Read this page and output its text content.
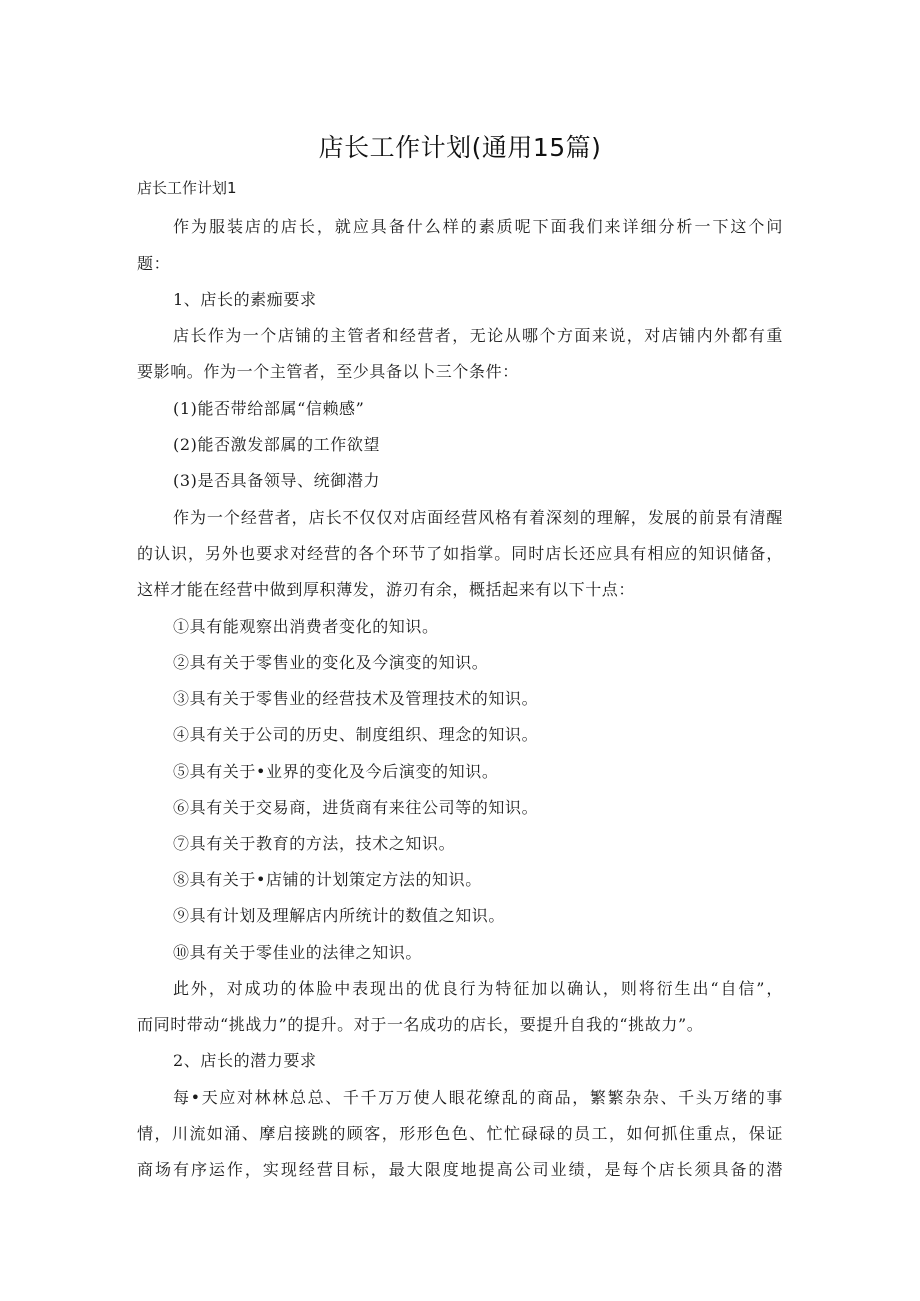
店长工作计划(通用15篇)
店长工作计划1
作为服装店的店长，就应具备什么样的素质呢下面我们来详细分析一下这个问
题：
1、店长的素痂要求
店长作为一个店铺的主管者和经营者，无论从哪个方面来说，对店铺内外都有重
要影响。作为一个主管者，至少具备以卜三个条件：
(1)能否带给部属“信赖感”
(2)能否激发部属的工作欲望
(3)是否具备领导、统御潜力
作为一个经营者，店长不仅仅对店面经营风格有着深刻的理解，发展的前景有清醒
的认识，另外也要求对经营的各个环节了如指掌。同时店长还应具有相应的知识储备，
这样才能在经营中做到厚积薄发，游刃有余，概括起来有以下十点：
①具有能观察出消费者变化的知识。
②具有关于零售业的变化及今演变的知识。
③具有关于零售业的经营技术及管理技术的知识。
④具有关于公司的历史、制度组织、理念的知识。
⑤具有关于•业界的变化及今后演变的知识。
⑥具有关于交易商，进货商有来往公司等的知识。
⑦具有关于教育的方法，技术之知识。
⑧具有关于•店铺的计划策定方法的知识。
⑨具有计划及理解店内所统计的数值之知识。
⑩具有关于零佳业的法律之知识。
此外，对成功的体脸中表现出的优良行为特征加以确认，则将衍生出“自信”，
而同时带动“挑战力”的提升。对于一名成功的店长，要提升自我的“挑故力”。
2、店长的潜力要求
每•天应对林林总总、千千万万使人眼花缭乱的商品，繁繁杂杂、千头万绪的事
情，川流如涌、摩启接跳的顾客，形形色色、忙忙碌碌的员工，如何抓住重点，保证
商场有序运作，实现经营目标，最大限度地提高公司业绩，是每个店长须具备的潜
